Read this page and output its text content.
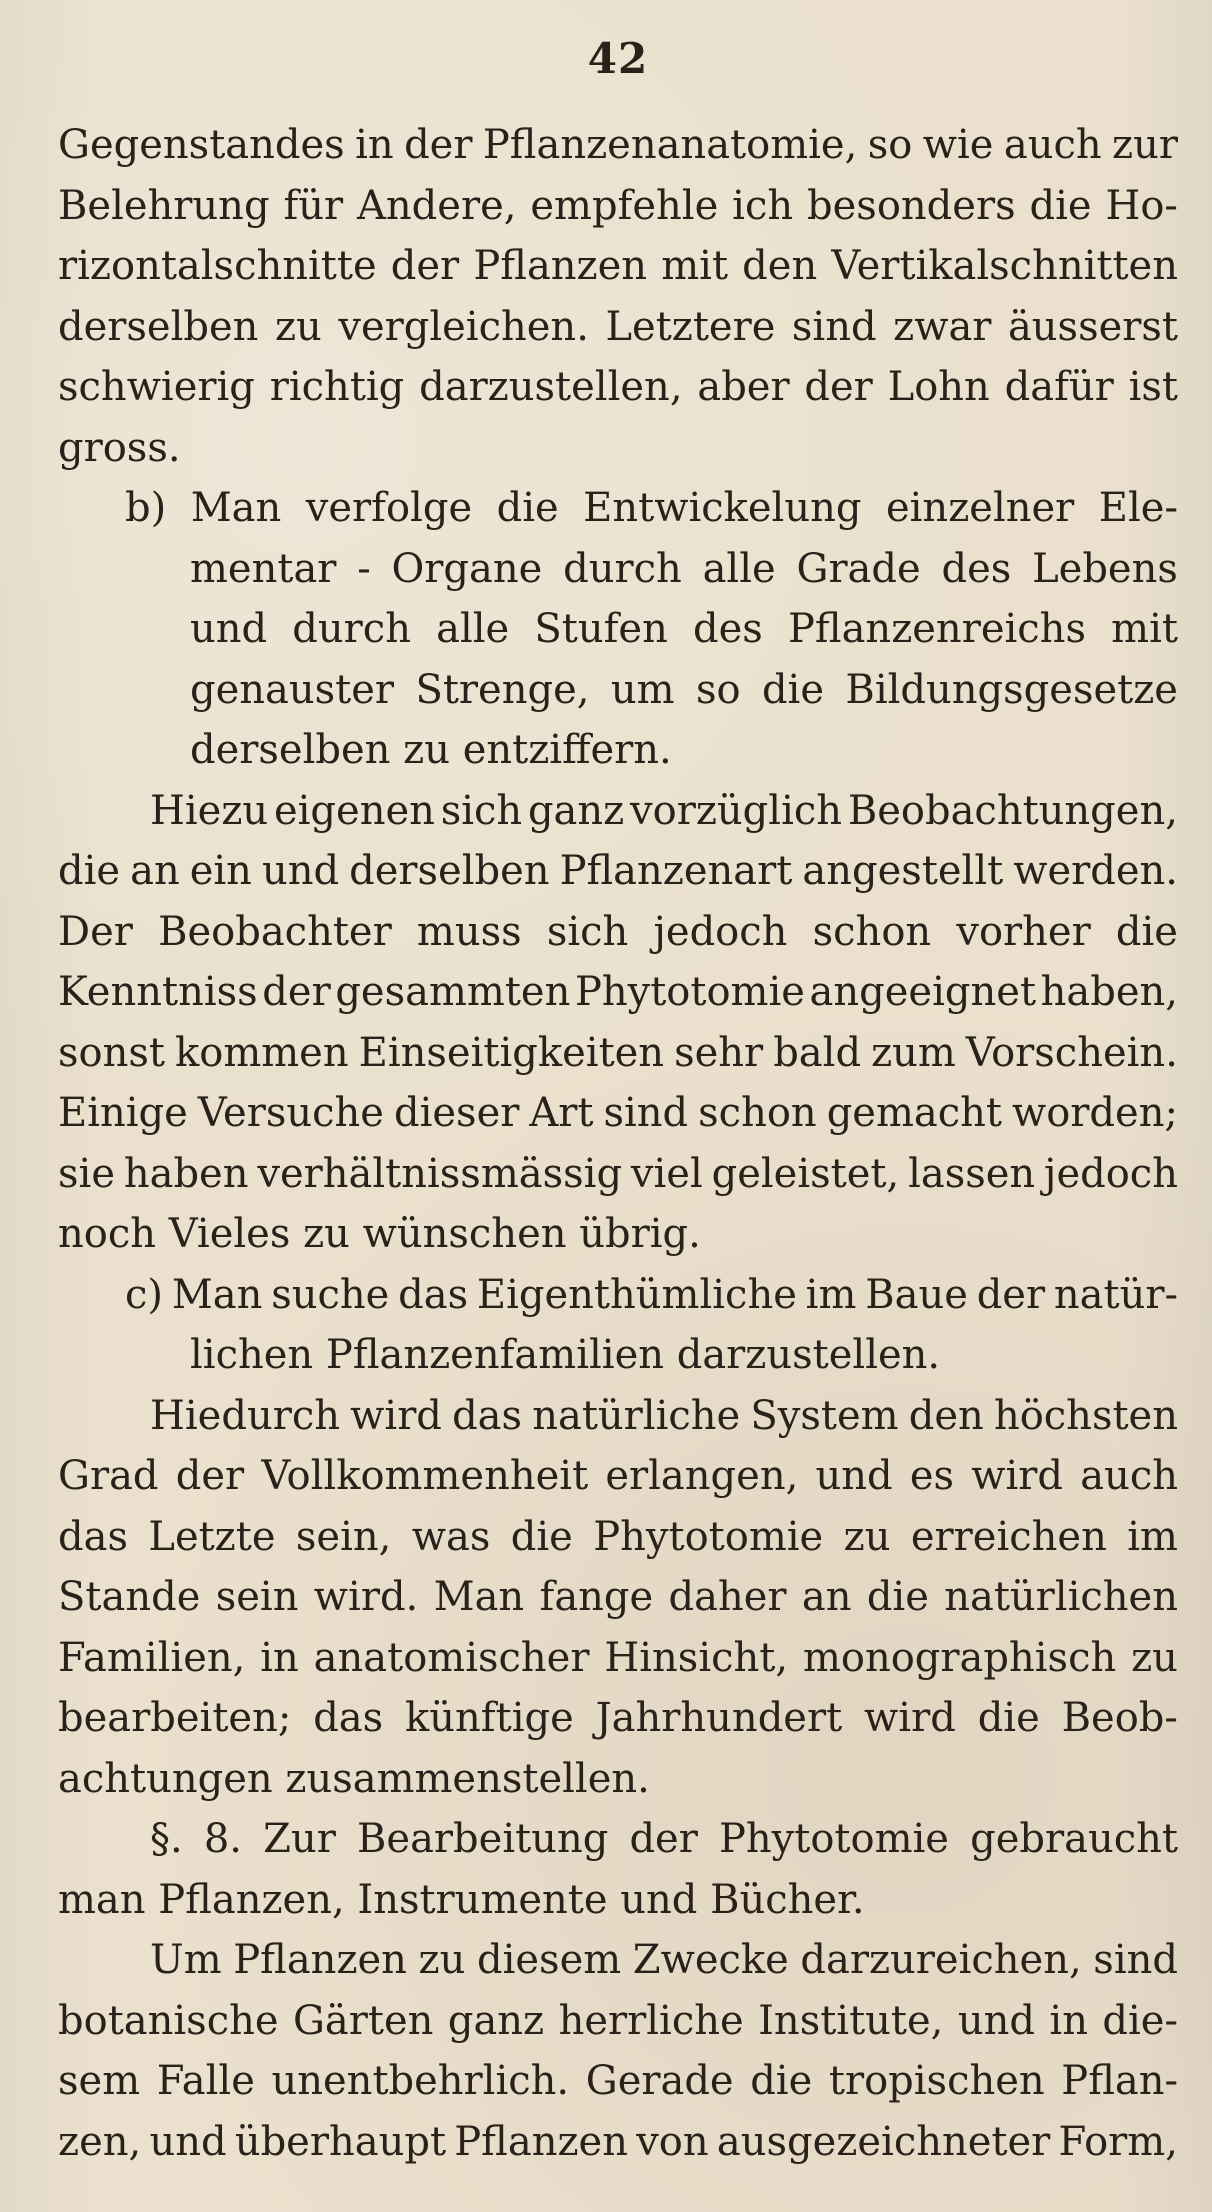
42
Gegenstandes in der Pflanzenanatomie, so wie auch zur
Belehrung für Andere, empfehle ich besonders die Ho-
rizontalschnitte der Pflanzen mit den Vertikalschnitten
derselben zu vergleichen. Letztere sind zwar äusserst
schwierig richtig darzustellen, aber der Lohn dafür ist
gross.
b) Man verfolge die Entwickelung einzelner Ele-
mentar - Organe durch alle Grade des Lebens
und durch alle Stufen des Pflanzenreichs mit
genauster Strenge, um so die Bildungsgesetze
derselben zu entziffern.
Hiezu eigenen sich ganz vorzüglich Beobachtungen,
die an ein und derselben Pflanzenart angestellt werden.
Der Beobachter muss sich jedoch schon vorher die
Kenntniss der gesammten Phytotomie angeeignet haben,
sonst kommen Einseitigkeiten sehr bald zum Vorschein.
Einige Versuche dieser Art sind schon gemacht worden;
sie haben verhältnissmässig viel geleistet, lassen jedoch
noch Vieles zu wünschen übrig.
c) Man suche das Eigenthümliche im Baue der natür-
lichen Pflanzenfamilien darzustellen.
Hiedurch wird das natürliche System den höchsten
Grad der Vollkommenheit erlangen, und es wird auch
das Letzte sein, was die Phytotomie zu erreichen im
Stande sein wird. Man fange daher an die natürlichen
Familien, in anatomischer Hinsicht, monographisch zu
bearbeiten; das künftige Jahrhundert wird die Beob-
achtungen zusammenstellen.
§. 8. Zur Bearbeitung der Phytotomie gebraucht
man Pflanzen, Instrumente und Bücher.
Um Pflanzen zu diesem Zwecke darzureichen, sind
botanische Gärten ganz herrliche Institute, und in die-
sem Falle unentbehrlich. Gerade die tropischen Pflan-
zen, und überhaupt Pflanzen von ausgezeichneter Form,
